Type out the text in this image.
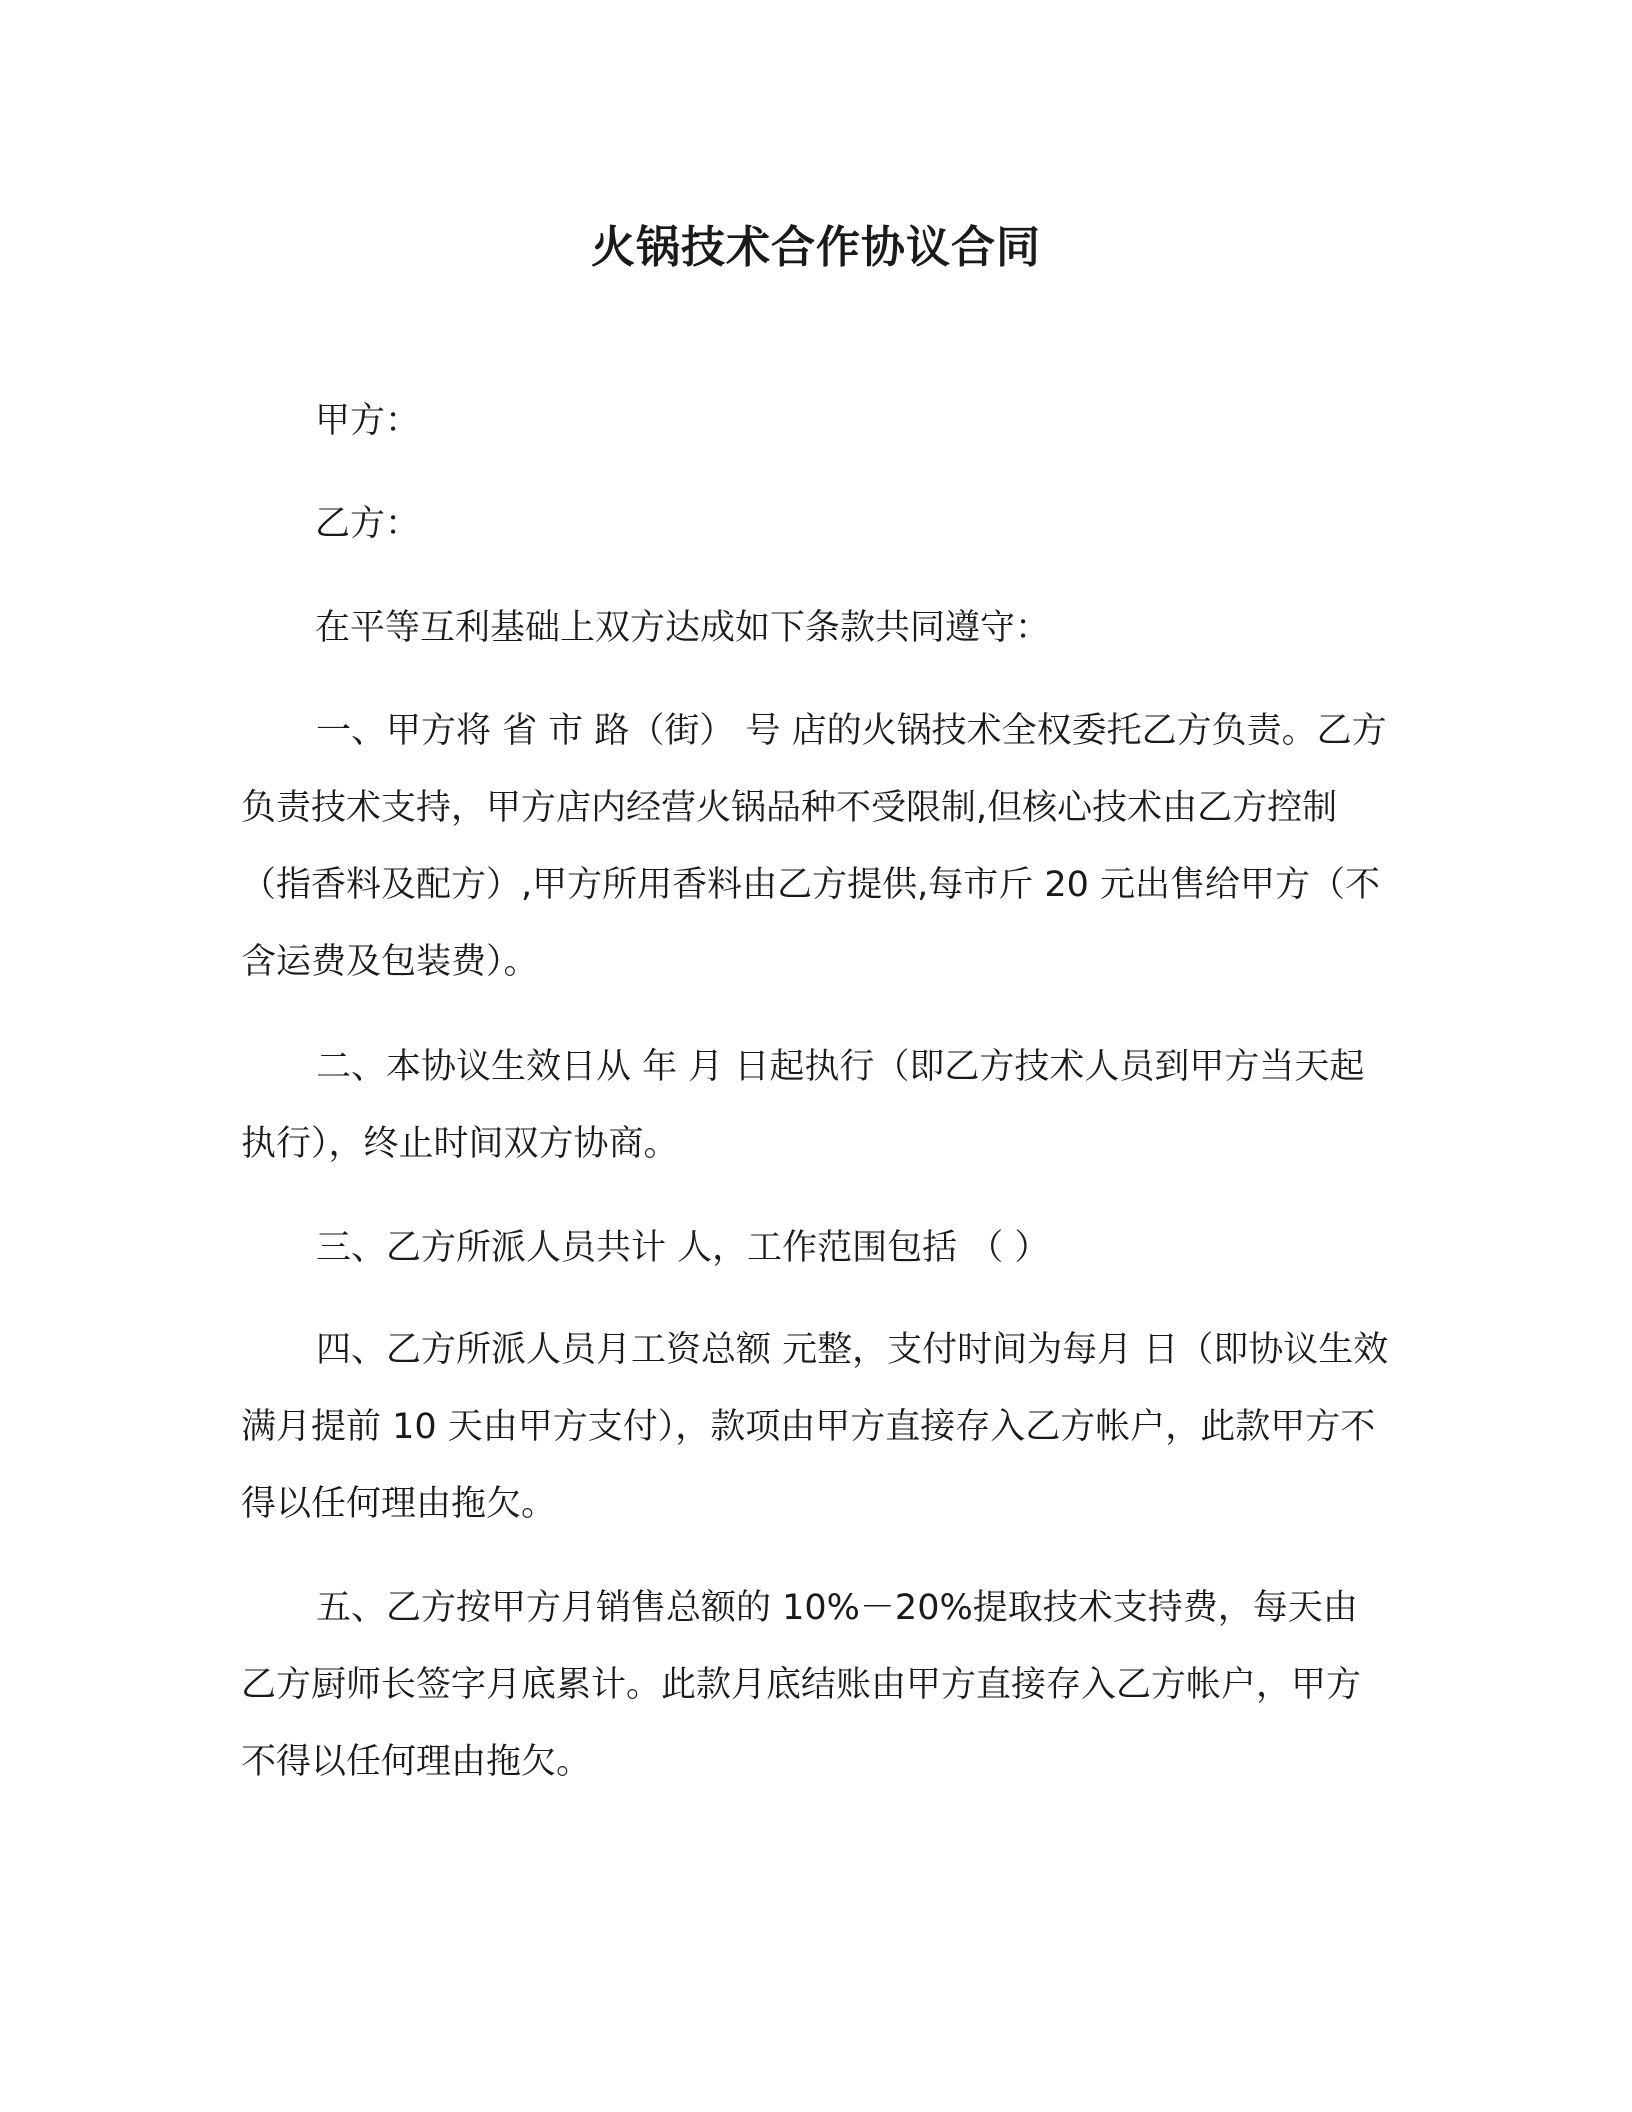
火锅技术合作协议合同

甲方：

乙方：

在平等互利基础上双方达成如下条款共同遵守：

一、甲方将 省 市 路（街） 号 店的火锅技术全权委托乙方负责。乙方负责技术支持，甲方店内经营火锅品种不受限制,但核心技术由乙方控制（指香料及配方）,甲方所用香料由乙方提供,每市斤 20 元出售给甲方（不含运费及包装费）。

二、本协议生效日从 年 月 日起执行（即乙方技术人员到甲方当天起执行），终止时间双方协商。

三、乙方所派人员共计 人，工作范围包括 （ ）

四、乙方所派人员月工资总额 元整，支付时间为每月 日（即协议生效满月提前 10 天由甲方支付），款项由甲方直接存入乙方帐户，此款甲方不得以任何理由拖欠。

五、乙方按甲方月销售总额的 10%－20%提取技术支持费，每天由乙方厨师长签字月底累计。此款月底结账由甲方直接存入乙方帐户，甲方不得以任何理由拖欠。
